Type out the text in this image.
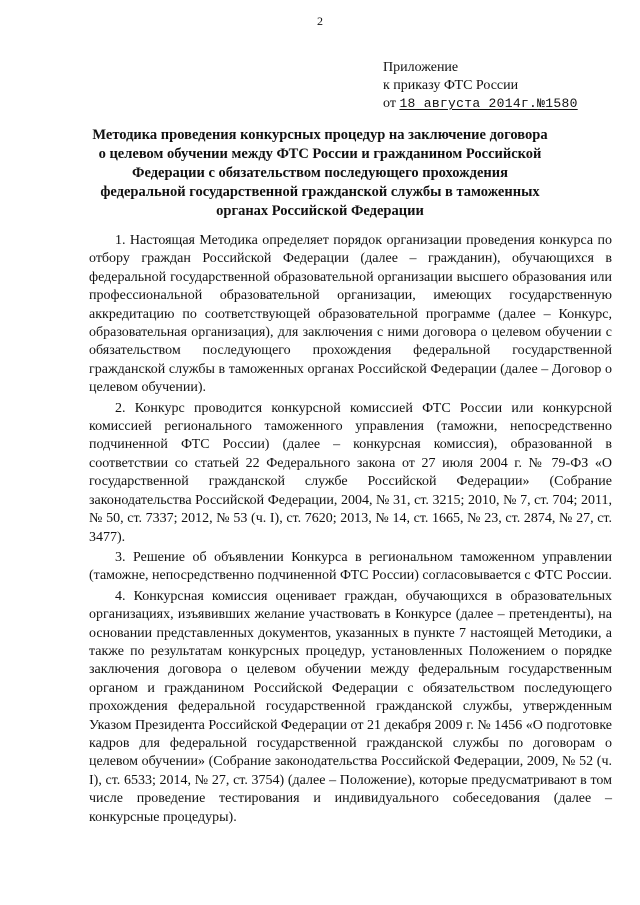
2
Приложение
к приказу ФТС России
от 18 августа 2014г.№1580
Методика проведения конкурсных процедур на заключение договора о целевом обучении между ФТС России и гражданином Российской Федерации с обязательством последующего прохождения федеральной государственной гражданской службы в таможенных органах Российской Федерации

1. Настоящая Методика определяет порядок организации проведения конкурса по отбору граждан Российской Федерации (далее – гражданин), обучающихся в федеральной государственной образовательной организации высшего образования или профессиональной образовательной организации, имеющих государственную аккредитацию по соответствующей образовательной программе (далее – Конкурс, образовательная организация), для заключения с ними договора о целевом обучении с обязательством последующего прохождения федеральной государственной гражданской службы в таможенных органах Российской Федерации (далее – Договор о целевом обучении).

2. Конкурс проводится конкурсной комиссией ФТС России или конкурсной комиссией регионального таможенного управления (таможни, непосредственно подчиненной ФТС России) (далее – конкурсная комиссия), образованной в соответствии со статьей 22 Федерального закона от 27 июля 2004 г. № 79-ФЗ «О государственной гражданской службе Российской Федерации» (Собрание законодательства Российской Федерации, 2004, № 31, ст. 3215; 2010, № 7, ст. 704; 2011, № 50, ст. 7337; 2012, № 53 (ч. I), ст. 7620; 2013, № 14, ст. 1665, № 23, ст. 2874, № 27, ст. 3477).

3. Решение об объявлении Конкурса в региональном таможенном управлении (таможне, непосредственно подчиненной ФТС России) согласовывается с ФТС России.

4. Конкурсная комиссия оценивает граждан, обучающихся в образовательных организациях, изъявивших желание участвовать в Конкурсе (далее – претенденты), на основании представленных документов, указанных в пункте 7 настоящей Методики, а также по результатам конкурсных процедур, установленных Положением о порядке заключения договора о целевом обучении между федеральным государственным органом и гражданином Российской Федерации с обязательством последующего прохождения федеральной государственной гражданской службы, утвержденным Указом Президента Российской Федерации от 21 декабря 2009 г. № 1456 «О подготовке кадров для федеральной государственной гражданской службы по договорам о целевом обучении» (Собрание законодательства Российской Федерации, 2009, № 52 (ч. I), ст. 6533; 2014, № 27, ст. 3754) (далее – Положение), которые предусматривают в том числе проведение тестирования и индивидуального собеседования (далее – конкурсные процедуры).
